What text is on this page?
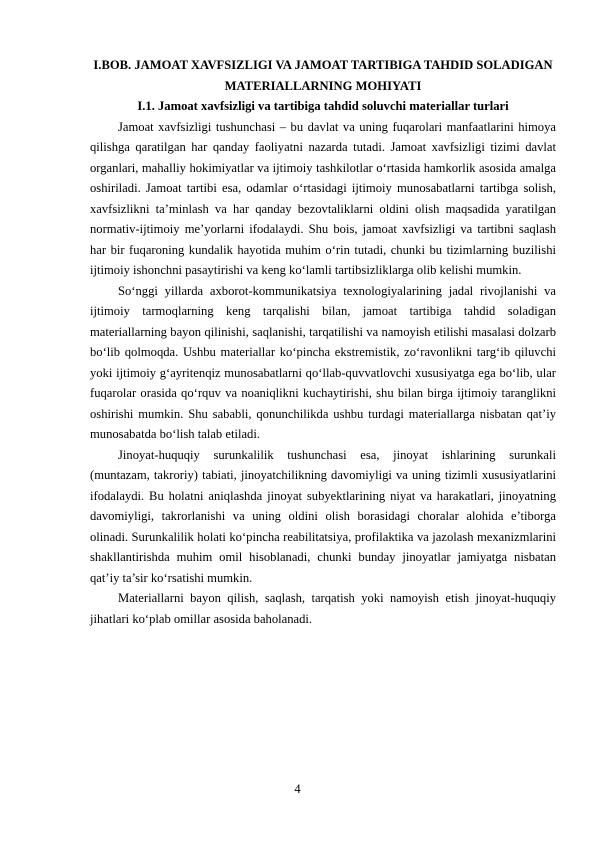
I.BOB. JAMOAT XAVFSIZLIGI VA JAMOAT TARTIBIGA TAHDID SOLADIGAN MATERIALLARNING MOHIYATI

I.1. Jamoat xavfsizligi va tartibiga tahdid soluvchi materiallar turlari

Jamoat xavfsizligi tushunchasi – bu davlat va uning fuqarolari manfaatlarini himoya qilishga qaratilgan har qanday faoliyatni nazarda tutadi. Jamoat xavfsizligi tizimi davlat organlari, mahalliy hokimiyatlar va ijtimoiy tashkilotlar o‘rtasida hamkorlik asosida amalga oshiriladi. Jamoat tartibi esa, odamlar o‘rtasidagi ijtimoiy munosabatlarni tartibga solish, xavfsizlikni ta’minlash va har qanday bezovtaliklarni oldini olish maqsadida yaratilgan normativ-ijtimoiy me’yorlarni ifodalaydi. Shu bois, jamoat xavfsizligi va tartibni saqlash har bir fuqaroning kundalik hayotida muhim o‘rin tutadi, chunki bu tizimlarning buzilishi ijtimoiy ishonchni pasaytirishi va keng ko‘lamli tartibsizliklarga olib kelishi mumkin.

So‘nggi yillarda axborot-kommunikatsiya texnologiyalarining jadal rivojlanishi va ijtimoiy tarmoqlarning keng tarqalishi bilan, jamoat tartibiga tahdid soladigan materiallarning bayon qilinishi, saqlanishi, tarqatilishi va namoyish etilishi masalasi dolzarb bo‘lib qolmoqda. Ushbu materiallar ko‘pincha ekstremistik, zo‘ravonlikni targ‘ib qiluvchi yoki ijtimoiy g‘ayritenqiz munosabatlarni qo‘llab-quvvatlovchi xususiyatga ega bo‘lib, ular fuqarolar orasida qo‘rquv va noaniqlikni kuchaytirishi, shu bilan birga ijtimoiy taranglikni oshirishi mumkin. Shu sababli, qonunchilikda ushbu turdagi materiallarga nisbatan qat’iy munosabatda bo‘lish talab etiladi.

Jinoyat-huquqiy surunkalilik tushunchasi esa, jinoyat ishlarining surunkali (muntazam, takroriy) tabiati, jinoyatchilikning davomiyligi va uning tizimli xususiyatlarini ifodalaydi. Bu holatni aniqlashda jinoyat subyektlarining niyat va harakatlari, jinoyatning davomiyligi, takrorlanishi va uning oldini olish borasidagi choralar alohida e’tiborga olinadi. Surunkalilik holati ko‘pincha reabilitatsiya, profilaktika va jazolash mexanizmlarini shakllantirishda muhim omil hisoblanadi, chunki bunday jinoyatlar jamiyatga nisbatan qat’iy ta’sir ko‘rsatishi mumkin.

Materiallarni bayon qilish, saqlash, tarqatish yoki namoyish etish jinoyat-huquqiy jihatlari ko‘plab omillar asosida baholanadi.

4
